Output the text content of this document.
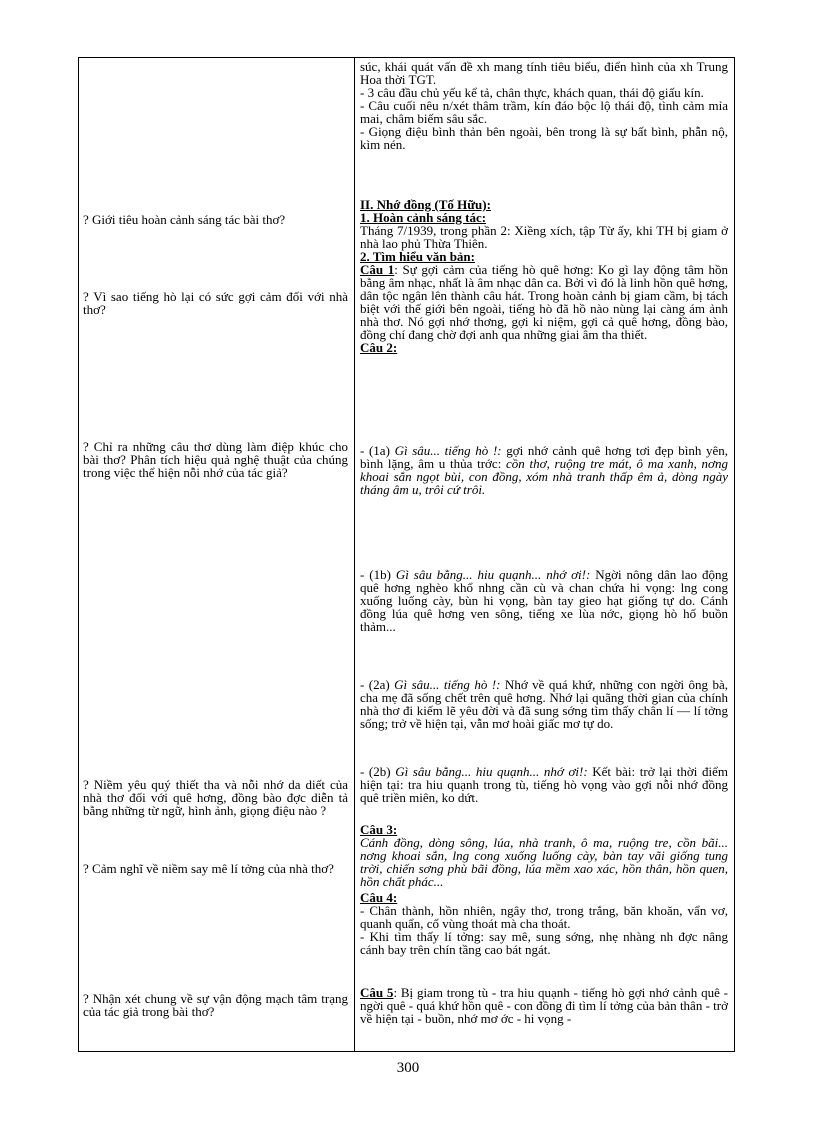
? Giới tiêu hoàn cảnh sáng tác bài thơ?
? Vì sao tiếng hò lại có sức gợi cảm đối với nhà thơ?
? Chỉ ra những câu thơ dùng làm điệp khúc cho bài thơ? Phân tích hiệu quả nghệ thuật của chúng trong việc thể hiện nỗi nhớ của tác giả?
? Niềm yêu quý thiết tha và nỗi nhớ da diết của nhà thơ đối với quê hơng, đồng bào đợc diễn tả bằng những từ ngữ, hình ảnh, giọng điệu nào ?
? Cảm nghĩ về niềm say mê lí tởng của nhà thơ?
? Nhận xét chung về sự vận động mạch tâm trạng của tác giả trong bài thơ?

súc, khái quát vấn đề xh mang tính tiêu biểu, điển hình của xh Trung Hoa thời TGT.

- 3 câu đầu chủ yếu kể tả, chân thực, khách quan, thái độ giấu kín.

- Câu cuối nêu n/xét thâm trầm, kín đáo bộc lộ thái độ, tình cảm mỉa mai, châm biếm sâu sắc.

- Giọng điệu bình thản bên ngoài, bên trong là sự bất bình, phẫn nộ, kìm nén.

II. Nhớ đồng (Tố Hữu):

1. Hoàn cảnh sáng tác:

Tháng 7/1939, trong phần 2: Xiềng xích, tập Từ ấy, khi TH bị giam ở nhà lao phủ Thừa Thiên.

2. Tìm hiểu văn bản:

Câu 1: Sự gợi cảm của tiếng hò quê hơng: Ko gì lay động tâm hồn bằng âm nhạc, nhất là âm nhạc dân ca. Bởi vì đó là linh hồn quê hơng, dân tộc ngân lên thành câu hát. Trong hoàn cảnh bị giam cầm, bị tách biệt với thế giới bên ngoài, tiếng hò đã hồ nào nùng lại càng ám ảnh nhà thơ. Nó gợi nhớ thơng, gợi kỉ niệm, gợi cả quê hơng, đồng bào, đồng chí đang chờ đợi anh qua những giai âm tha thiết.

Câu 2:

- (1a) Gì sâu... tiếng hò !: gợi nhớ cảnh quê hơng tơi đẹp bình yên, bình lặng, âm u thủa trớc: cồn thơ, ruộng tre mát, ô ma xanh, nơng khoai sắn ngọt bùi, con đồng, xóm nhà tranh thấp êm ả, dòng ngày tháng âm u, trôi cứ trôi.

- (1b) Gì sâu bằng... hiu quạnh... nhớ ơi!: Ngời nông dân lao động quê hơng nghèo khổ nhng cần cù và chan chứa hi vọng: lng cong xuống luống cày, bùn hi vọng, bàn tay gieo hạt giống tự do. Cánh đồng lúa quê hơng ven sông, tiếng xe lùa nớc, giọng hò hố buồn thảm...

- (2a) Gì sâu... tiếng hò !: Nhớ về quá khứ, những con ngời ông bà, cha mẹ đã sống chết trên quê hơng. Nhớ lại quãng thời gian của chính nhà thơ đi kiếm lẽ yêu đời và đã sung sớng tìm thấy chân lí — lí tởng sống; trở về hiện tại, vẫn mơ hoài giấc mơ tự do.

- (2b) Gì sâu bằng... hiu quạnh... nhớ ơi!: Kết bài: trở lại thời điểm hiện tại: tra hiu quạnh trong tù, tiếng hò vọng vào gợi nỗi nhớ đồng quê triền miên, ko dứt.

Câu 3:

Cánh đồng, dòng sông, lúa, nhà tranh, ô ma, ruộng tre, cồn bãi... nơng khoai sắn, lng cong xuống luống cày, bàn tay vãi giống tung trời, chiến sơng phù bãi đồng, lúa mềm xao xác, hồn thân, hồn quen, hồn chất phác...

Câu 4:

- Chân thành, hồn nhiên, ngây thơ, trong trắng, băn khoăn, vẩn vơ, quanh quẩn, cố vùng thoát mà cha thoát.

- Khi tìm thấy lí tởng: say mê, sung sớng, nhẹ nhàng nh đợc nâng cánh bay trên chín tầng cao bát ngát.

Câu 5: Bị giam trong tù - tra hiu quạnh - tiếng hò gợi nhớ cảnh quê - ngời quê - quá khứ hồn quê - con đồng đi tìm lí tởng của bản thân - trở về hiện tại - buồn, nhớ mơ ớc - hi vọng -

300
